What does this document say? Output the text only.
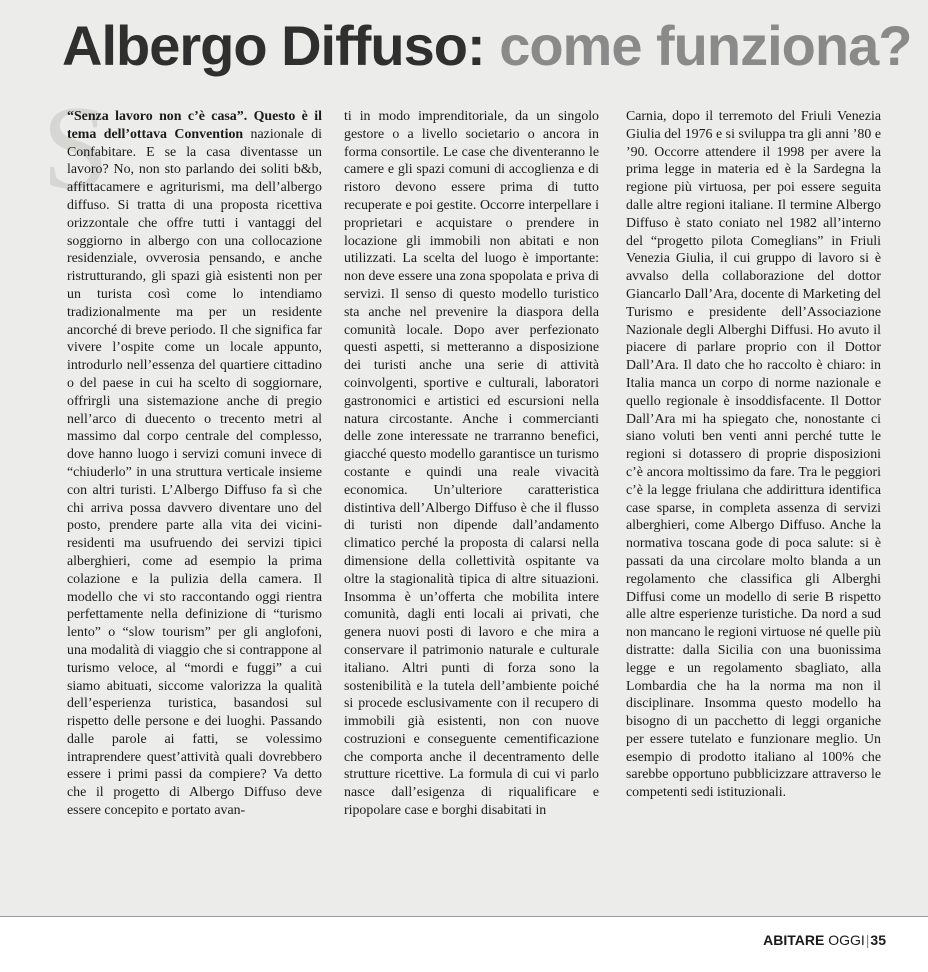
Albergo Diffuso: come funziona?
S

“Senza lavoro non c’è casa”. Questo è il tema dell’ottava Convention nazionale di Confabitare. E se la casa diventasse un lavoro? No, non sto parlando dei soliti b&b, affittacamere e agriturismi, ma dell’albergo diffuso. Si tratta di una proposta ricettiva orizzontale che offre tutti i vantaggi del soggiorno in albergo con una collocazione residenziale, ovverosia pensando, e anche ristrutturando, gli spazi già esistenti non per un turista così come lo intendiamo tradizionalmente ma per un residente ancorché di breve periodo. Il che significa far vivere l’ospite come un locale appunto, introdurlo nell’essenza del quartiere cittadino o del paese in cui ha scelto di soggiornare, offrirgli una sistemazione anche di pregio nell’arco di duecento o trecento metri al massimo dal corpo centrale del complesso, dove hanno luogo i servizi comuni invece di “chiuderlo” in una struttura verticale insieme con altri turisti. L’Albergo Diffuso fa sì che chi arriva possa davvero diventare uno del posto, prendere parte alla vita dei vicini-residenti ma usufruendo dei servizi tipici alberghieri, come ad esempio la prima colazione e la pulizia della camera. Il modello che vi sto raccontando oggi rientra perfettamente nella definizione di “turismo lento” o “slow tourism” per gli anglofoni, una modalità di viaggio che si contrappone al turismo veloce, al “mordi e fuggi” a cui siamo abituati, siccome valorizza la qualità dell’esperienza turistica, basandosi sul rispetto delle persone e dei luoghi. Passando dalle parole ai fatti, se volessimo intraprendere quest’attività quali dovrebbero essere i primi passi da compiere? Va detto che il progetto di Albergo Diffuso deve essere concepito e portato avan-

ti in modo imprenditoriale, da un singolo gestore o a livello societario o ancora in forma consortile. Le case che diventeranno le camere e gli spazi comuni di accoglienza e di ristoro devono essere prima di tutto recuperate e poi gestite. Occorre interpellare i proprietari e acquistare o prendere in locazione gli immobili non abitati e non utilizzati. La scelta del luogo è importante: non deve essere una zona spopolata e priva di servizi. Il senso di questo modello turistico sta anche nel prevenire la diaspora della comunità locale. Dopo aver perfezionato questi aspetti, si metteranno a disposizione dei turisti anche una serie di attività coinvolgenti, sportive e culturali, laboratori gastronomici e artistici ed escursioni nella natura circostante. Anche i commercianti delle zone interessate ne trarranno benefici, giacché questo modello garantisce un turismo costante e quindi una reale vivacità economica. Un’ulteriore caratteristica distintiva dell’Albergo Diffuso è che il flusso di turisti non dipende dall’andamento climatico perché la proposta di calarsi nella dimensione della collettività ospitante va oltre la stagionalità tipica di altre situazioni. Insomma è un’offerta che mobilita intere comunità, dagli enti locali ai privati, che genera nuovi posti di lavoro e che mira a conservare il patrimonio naturale e culturale italiano. Altri punti di forza sono la sostenibilità e la tutela dell’ambiente poiché si procede esclusivamente con il recupero di immobili già esistenti, non con nuove costruzioni e conseguente cementificazione che comporta anche il decentramento delle strutture ricettive. La formula di cui vi parlo nasce dall’esigenza di riqualificare e ripopolare case e borghi disabitati in

Carnia, dopo il terremoto del Friuli Venezia Giulia del 1976 e si sviluppa tra gli anni ’80 e ’90. Occorre attendere il 1998 per avere la prima legge in materia ed è la Sardegna la regione più virtuosa, per poi essere seguita dalle altre regioni italiane. Il termine Albergo Diffuso è stato coniato nel 1982 all’interno del “progetto pilota Comeglians” in Friuli Venezia Giulia, il cui gruppo di lavoro si è avvalso della collaborazione del dottor Giancarlo Dall’Ara, docente di Marketing del Turismo e presidente dell’Associazione Nazionale degli Alberghi Diffusi. Ho avuto il piacere di parlare proprio con il Dottor Dall’Ara. Il dato che ho raccolto è chiaro: in Italia manca un corpo di norme nazionale e quello regionale è insoddisfacente. Il Dottor Dall’Ara mi ha spiegato che, nonostante ci siano voluti ben venti anni perché tutte le regioni si dotassero di proprie disposizioni c’è ancora moltissimo da fare. Tra le peggiori c’è la legge friulana che addirittura identifica case sparse, in completa assenza di servizi alberghieri, come Albergo Diffuso. Anche la normativa toscana gode di poca salute: si è passati da una circolare molto blanda a un regolamento che classifica gli Alberghi Diffusi come un modello di serie B rispetto alle altre esperienze turistiche. Da nord a sud non mancano le regioni virtuose né quelle più distratte: dalla Sicilia con una buonissima legge e un regolamento sbagliato, alla Lombardia che ha la norma ma non il disciplinare. Insomma questo modello ha bisogno di un pacchetto di leggi organiche per essere tutelato e funzionare meglio. Un esempio di prodotto italiano al 100% che sarebbe opportuno pubblicizzare attraverso le competenti sedi istituzionali.

ABITARE OGGI|35
